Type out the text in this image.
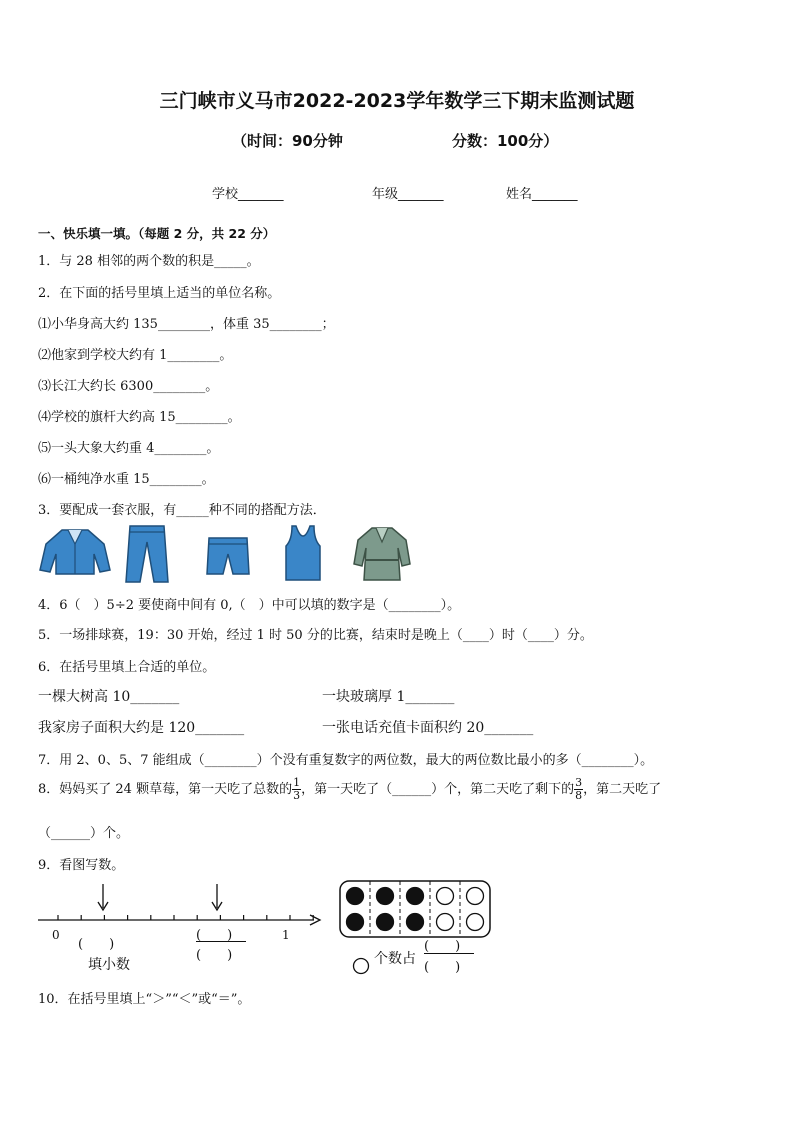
三门峡市义马市2022-2023学年数学三下期末监测试题
（时间：90分钟	分数：100分）
学校_______	年级_______	姓名_______
一、快乐填一填。（每题 2 分，共 22 分）
1．与 28 相邻的两个数的积是_____。
2．在下面的括号里填上适当的单位名称。
⑴小华身高大约 135________，体重 35________；
⑵他家到学校大约有 1________。
⑶长江大约长 6300________。
⑷学校的旗杆大约高 15________。
⑸一头大象大约重 4________。
⑹一桶纯净水重 15________。
3．要配成一套衣服，有_____种不同的搭配方法．
4．6（　）5÷2 要使商中间有 0,（　）中可以填的数字是（________）。
5．一场排球赛，19：30 开始，经过 1 时 50 分的比赛，结束时是晚上（____）时（____）分。
6．在括号里填上合适的单位。
一棵大树高 10_______	一块玻璃厚 1_______
我家房子面积大约是 120_______	一张电话充值卡面积约 20_______
7．用 2、0、5、7 能组成（________）个没有重复数字的两位数，最大的两位数比最小的多（________）。
8．妈妈买了 24 颗草莓，第一天吃了总数的 $\frac{1}{3}$ ，第一天吃了（______）个，第二天吃了剩下的 $\frac{3}{8}$ ，第二天吃了
（______）个。
9．看图写数。
0	1
(　　)
填小数
(　　)
(　　)	个数占
(　　)
(　　)
10．在括号里填上“＞”“＜”或“＝”。
